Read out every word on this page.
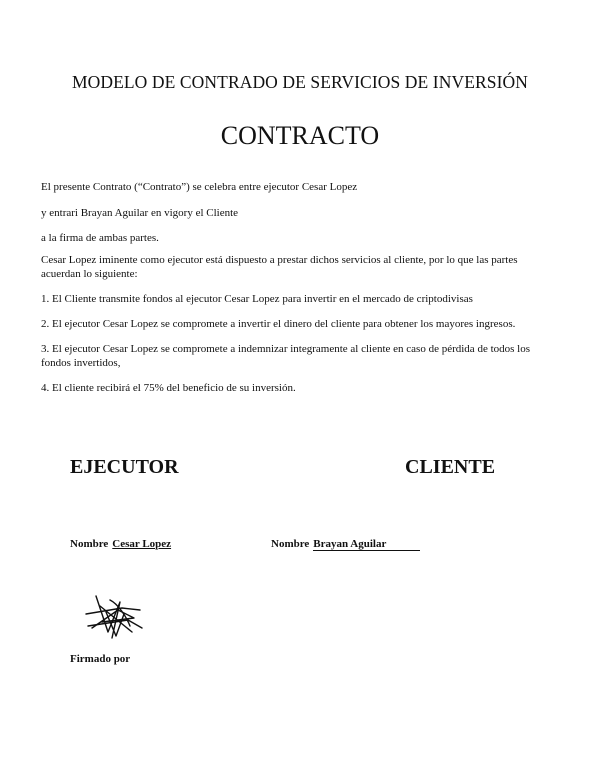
MODELO DE CONTRADO DE SERVICIOS DE INVERSIÓN
CONTRACTO
El presente Contrato (“Contrato”) se celebra entre ejecutor Cesar Lopez
y entrari Brayan Aguilar en vigory el Cliente
a la firma de ambas partes.
Cesar Lopez iminente como ejecutor está dispuesto a prestar dichos servicios al cliente, por lo que las partes acuerdan lo siguiente:
1. El Cliente transmite fondos al ejecutor Cesar Lopez para invertir en el mercado de criptodivisas
2. El ejecutor Cesar Lopez se compromete a invertir el dinero del cliente para obtener los mayores ingresos.
3. El ejecutor Cesar Lopez se compromete a indemnizar integramente al cliente en caso de pérdida de todos los fondos invertidos,
4. El cliente recibirá el 75% del beneficio de su inversión.
EJECUTOR	CLIENTE
Nombre Cesar Lopez	Nombre Brayan Aguilar
Firmado por
